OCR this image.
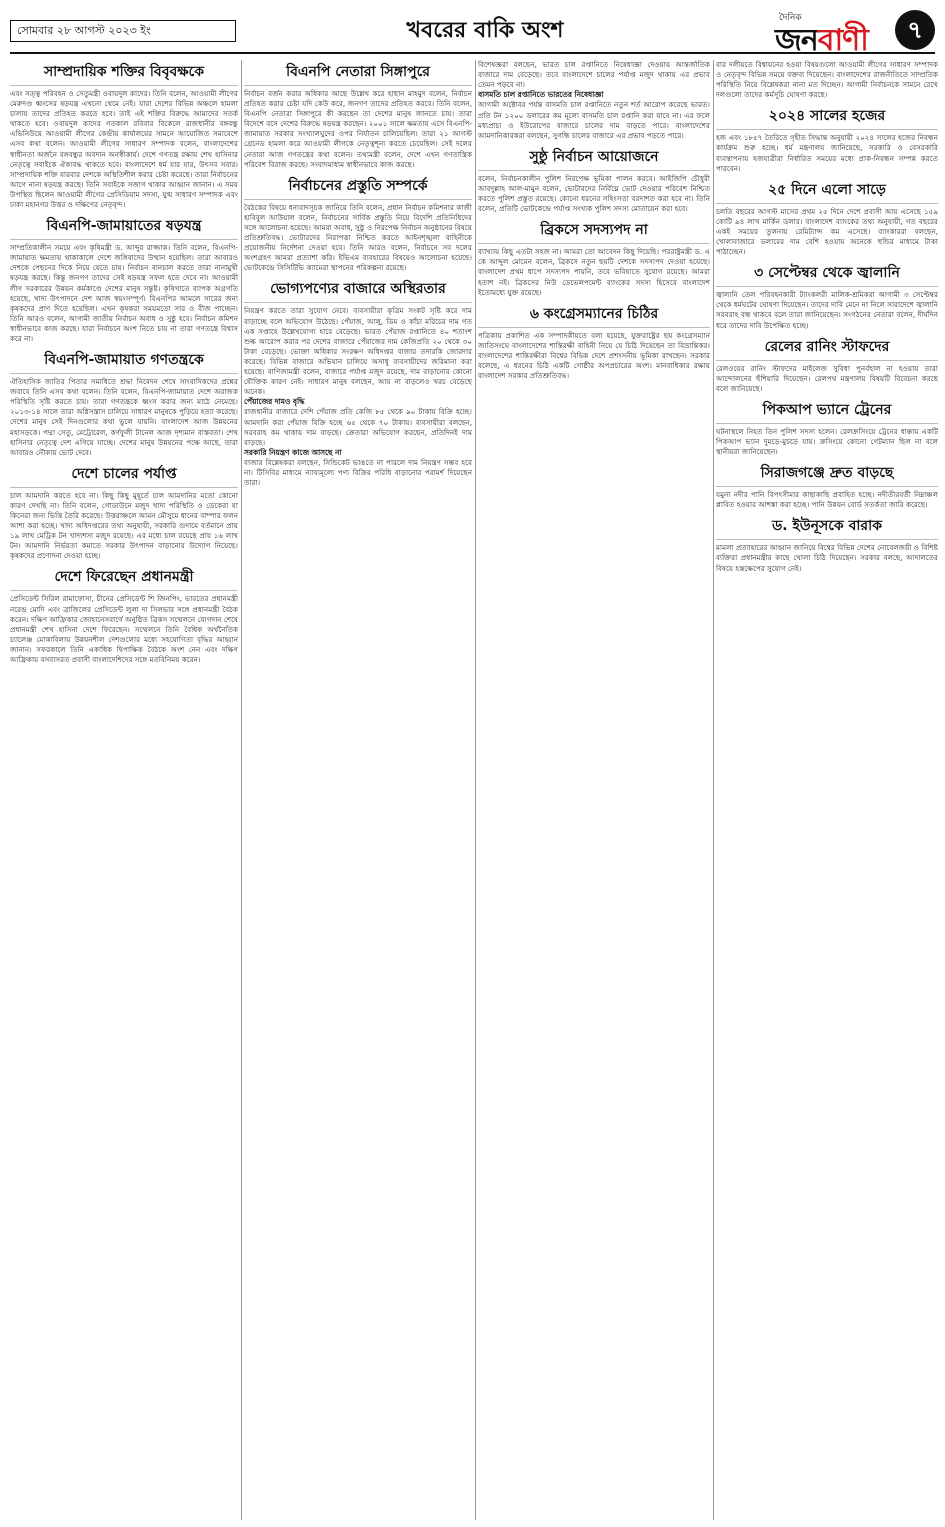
সোমবার ২৮ আগস্ট ২০২৩ ইং	খবরের বাকি অংশ	দৈনিক
জনবাণী	৭
সাম্প্রদায়িক শক্তির বিবৃবক্ষকে
এবং সত্ত্ব পরিবহন ও সেতুমন্ত্রী ওবায়দুল কাদের। তিনি বলেন, আওয়ামী লীগের মেরুদণ্ড ধ্বংসের ষড়যন্ত্র এখনো থেমে নেই। যারা দেশের বিভিন্ন অঞ্চলে হামলা চালায় তাদের প্রতিহত করতে হবে। তাই এই শক্তির বিরুদ্ধে আমাদের সতর্ক থাকতে হবে। ওবায়দুল কাদের গতকাল রবিবার বিকেলে রাজধানীর বঙ্গবন্ধু এভিনিউয়ে আওয়ামী লীগের কেন্দ্রীয় কার্যালয়ের সামনে আয়োজিত সমাবেশে এসব কথা বলেন। আওয়ামী লীগের সাধারণ সম্পাদক বলেন, বাংলাদেশের স্বাধীনতা অর্জনে বঙ্গবন্ধুর অবদান অনস্বীকার্য। দেশে গণতন্ত্র রক্ষায় শেখ হাসিনার নেতৃত্বে সবাইকে ঐক্যবদ্ধ থাকতে হবে। বাংলাদেশে ধর্ম যার যার, উৎসব সবার। সাম্প্রদায়িক শক্তি বারবার দেশকে অস্থিতিশীল করার চেষ্টা করেছে। তারা নির্বাচনের আগে নানা ষড়যন্ত্র করছে। তিনি সবাইকে সজাগ থাকার আহ্বান জানান। এ সময় উপস্থিত ছিলেন আওয়ামী লীগের প্রেসিডিয়াম সদস্য, যুগ্ম সাধারণ সম্পাদক এবং ঢাকা মহানগর উত্তর ও দক্ষিণের নেতৃবৃন্দ।
বিএনপি-জামায়াতের ষড়যন্ত্র
সাম্প্রতিকালীন সময়ে এবং কৃষিমন্ত্রী ড. আব্দুর রাজ্জাক। তিনি বলেন, বিএনপি-জামায়াত ক্ষমতায় থাকাকালে দেশে জঙ্গিবাদের উত্থান হয়েছিল। তারা আবারও দেশকে পেছনের দিকে নিয়ে যেতে চায়। নির্বাচন বানচাল করতে তারা নানামুখী ষড়যন্ত্র করছে। কিন্তু জনগণ তাদের সেই ষড়যন্ত্র সফল হতে দেবে না। আওয়ামী লীগ সরকারের উন্নয়ন কর্মকাণ্ডে দেশের মানুষ সন্তুষ্ট। কৃষিখাতে ব্যাপক অগ্রগতি হয়েছে, খাদ্য উৎপাদনে দেশ আজ স্বয়ংসম্পূর্ণ। বিএনপির আমলে সারের জন্য কৃষকদের প্রাণ দিতে হয়েছিল। এখন কৃষকরা সময়মতো সার ও বীজ পাচ্ছেন। তিনি আরও বলেন, আগামী জাতীয় নির্বাচন অবাধ ও সুষ্ঠু হবে। নির্বাচন কমিশন স্বাধীনভাবে কাজ করছে। যারা নির্বাচনে অংশ নিতে চায় না তারা গণতন্ত্রে বিশ্বাস করে না।
বিএনপি-জামায়াত গণতন্ত্রকে
ঐতিহাসিক জাতির পিতার সমাধিতে শ্রদ্ধা নিবেদন শেষে সাংবাদিকদের প্রশ্নের জবাবে তিনি এসব কথা বলেন। তিনি বলেন, বিএনপি-জামায়াত দেশে অরাজক পরিস্থিতি সৃষ্টি করতে চায়। তারা গণতন্ত্রকে ধ্বংস করার জন্য মাঠে নেমেছে। ২০১৩-১৪ সালে তারা অগ্নিসন্ত্রাস চালিয়ে সাধারণ মানুষকে পুড়িয়ে হত্যা করেছে। দেশের মানুষ সেই দিনগুলোর কথা ভুলে যায়নি। বাংলাদেশ আজ উন্নয়নের মহাসড়কে। পদ্মা সেতু, মেট্রোরেল, কর্ণফুলী টানেল আজ দৃশ্যমান বাস্তবতা। শেখ হাসিনার নেতৃত্বে দেশ এগিয়ে যাচ্ছে। দেশের মানুষ উন্নয়নের পক্ষে আছে, তারা আবারও নৌকায় ভোট দেবে।
দেশে চালের পর্যাপ্ত
চাল আমদানি করতে হবে না। কিছু কিছু মুহূর্তে চাল আমদানির মতো কোনো কারণ দেখছি না। তিনি বলেন, গোডাউনে মজুদ খাদ্য পরিস্থিতি ও ডেকেরা যা কিনেরা জন্য ভিত্তি তৈরি করেছে। উত্তরাঞ্চলে আমন মৌসুমে ধানের বাম্পার ফলন আশা করা হচ্ছে। খাদ্য অধিদপ্তরের তথ্য অনুযায়ী, সরকারি গুদামে বর্তমানে প্রায় ১৯ লাখ মেট্রিক টন খাদ্যশস্য মজুদ রয়েছে। এর মধ্যে চাল রয়েছে প্রায় ১৬ লাখ টন। আমদানি নির্ভরতা কমাতে সরকার উৎপাদন বাড়ানোর উদ্যোগ নিয়েছে। কৃষকদের প্রণোদনা দেওয়া হচ্ছে।
দেশে ফিরেছেন প্রধানমন্ত্রী
প্রেসিডেন্ট সিরিল রামাফোসা, চীনের প্রেসিডেন্ট শি জিনপিং, ভারতের প্রধানমন্ত্রী নরেন্দ্র মোদি এবং ব্রাজিলের প্রেসিডেন্ট লুলা দা সিলভার সঙ্গে প্রধানমন্ত্রী বৈঠক করেন। দক্ষিণ আফ্রিকার জোহানেসবার্গে অনুষ্ঠিত ব্রিকস সম্মেলনে যোগদান শেষে প্রধানমন্ত্রী শেখ হাসিনা দেশে ফিরেছেন। সম্মেলনে তিনি বৈশ্বিক অর্থনৈতিক চ্যালেঞ্জ মোকাবিলায় উন্নয়নশীল দেশগুলোর মধ্যে সহযোগিতা বৃদ্ধির আহ্বান জানান। সফরকালে তিনি একাধিক দ্বিপাক্ষিক বৈঠকে অংশ নেন এবং দক্ষিণ আফ্রিকায় বসবাসরত প্রবাসী বাংলাদেশিদের সঙ্গে মতবিনিময় করেন।
বিএনপি নেতারা সিঙ্গাপুরে
নির্বাচন বর্জন করার অধিকার আছে উল্লেখ করে হাছান মাহমুদ বলেন, নির্বাচন প্রতিহত করার চেষ্টা যদি কেউ করে, জনগণ তাদের প্রতিহত করবে। তিনি বলেন, বিএনপি নেতারা সিঙ্গাপুরে কী করছেন তা দেশের মানুষ জানতে চায়। তারা বিদেশে বসে দেশের বিরুদ্ধে ষড়যন্ত্র করছেন। ২০০১ সালে ক্ষমতায় এসে বিএনপি-জামায়াত সরকার সংখ্যালঘুদের ওপর নির্যাতন চালিয়েছিল। তারা ২১ আগস্ট গ্রেনেড হামলা করে আওয়ামী লীগকে নেতৃত্বশূন্য করতে চেয়েছিল। সেই দলের নেতারা আজ গণতন্ত্রের কথা বলেন। তথ্যমন্ত্রী বলেন, দেশে এখন গণতান্ত্রিক পরিবেশ বিরাজ করছে। সংবাদমাধ্যম স্বাধীনভাবে কাজ করছে।
নির্বাচনের প্রস্তুতি সম্পর্কে
বৈঠকের বিষয়ে ধন্যবাদসূচক জানিয়ে তিনি বলেন, প্রধান নির্বাচন কমিশনার কাজী হাবিবুল আউয়াল বলেন, নির্বাচনের সার্বিক প্রস্তুতি নিয়ে বিদেশি প্রতিনিধিদের সঙ্গে আলোচনা হয়েছে। আমরা অবাধ, সুষ্ঠু ও নিরপেক্ষ নির্বাচন অনুষ্ঠানের বিষয়ে প্রতিশ্রুতিবদ্ধ। ভোটারদের নিরাপত্তা নিশ্চিত করতে আইনশৃঙ্খলা বাহিনীকে প্রয়োজনীয় নির্দেশনা দেওয়া হবে। তিনি আরও বলেন, নির্বাচনে সব দলের অংশগ্রহণ আমরা প্রত্যাশা করি। ইভিএম ব্যবহারের বিষয়েও আলোচনা হয়েছে। ভোটকেন্দ্রে সিসিটিভি ক্যামেরা স্থাপনের পরিকল্পনা রয়েছে।
ভোগ্যপণ্যের বাজারে অস্থিরতার
নিয়ন্ত্রণ করতে তারা সুযোগ নেবে। ব্যবসায়ীরা কৃত্রিম সংকট সৃষ্টি করে দাম বাড়াচ্ছে বলে অভিযোগ উঠেছে। পেঁয়াজ, আলু, ডিম ও কাঁচা মরিচের দাম গত এক সপ্তাহে উল্লেখযোগ্য হারে বেড়েছে। ভারত পেঁয়াজ রপ্তানিতে ৪০ শতাংশ শুল্ক আরোপ করার পর দেশের বাজারে পেঁয়াজের দাম কেজিপ্রতি ২০ থেকে ৩০ টাকা বেড়েছে। ভোক্তা অধিকার সংরক্ষণ অধিদপ্তর বাজার তদারকি জোরদার করেছে। বিভিন্ন বাজারে অভিযান চালিয়ে অসাধু ব্যবসায়ীদের জরিমানা করা হয়েছে। বাণিজ্যমন্ত্রী বলেন, বাজারে পর্যাপ্ত মজুদ রয়েছে, দাম বাড়ানোর কোনো যৌক্তিক কারণ নেই। সাধারণ মানুষ বলছেন, আয় না বাড়লেও খরচ বেড়েছে অনেক।
পেঁয়াজের দামও বৃদ্ধি
রাজধানীর বাজারে দেশি পেঁয়াজ প্রতি কেজি ৮৫ থেকে ৯০ টাকায় বিক্রি হচ্ছে। আমদানি করা পেঁয়াজ বিক্রি হচ্ছে ৬৫ থেকে ৭০ টাকায়। ব্যবসায়ীরা বলছেন, সরবরাহ কম থাকায় দাম বাড়ছে। ক্রেতারা অভিযোগ করছেন, প্রতিদিনই দাম বাড়ছে।
সরকারি নিয়ন্ত্রণ কাজে আসছে না
বাজার বিশ্লেষকরা বলছেন, সিন্ডিকেট ভাঙতে না পারলে দাম নিয়ন্ত্রণ সম্ভব হবে না। টিসিবির মাধ্যমে ন্যায্যমূল্যে পণ্য বিক্রির পরিধি বাড়ানোর পরামর্শ দিয়েছেন তারা।
বিশেষজ্ঞরা বলছেন, ভারত চাল রপ্তানিতে নিষেধাজ্ঞা দেওয়ায় আন্তর্জাতিক বাজারে দাম বেড়েছে। তবে বাংলাদেশে চালের পর্যাপ্ত মজুদ থাকায় এর প্রভাব তেমন পড়বে না।
বাসমতি চাল রপ্তানিতে ভারতের নিষেধাজ্ঞা
আগামী অক্টোবর পর্যন্ত বাসমতি চাল রপ্তানিতে নতুন শর্ত আরোপ করেছে ভারত। প্রতি টন ১২০০ ডলারের কম মূল্যে বাসমতি চাল রপ্তানি করা যাবে না। এর ফলে মধ্যপ্রাচ্য ও ইউরোপের বাজারে চালের দাম বাড়তে পারে। বাংলাদেশের আমদানিকারকরা বলছেন, সুগন্ধি চালের বাজারে এর প্রভাব পড়তে পারে।
সুষ্ঠু নির্বাচন আয়োজনে
বলেন, নির্বাচনকালীন পুলিশ নিরপেক্ষ ভূমিকা পালন করবে। আইজিপি চৌধুরী আবদুল্লাহ আল-মামুন বলেন, ভোটারদের নির্বিঘ্নে ভোট দেওয়ার পরিবেশ নিশ্চিত করতে পুলিশ প্রস্তুত রয়েছে। কোনো ধরনের সহিংসতা বরদাশত করা হবে না। তিনি বলেন, প্রতিটি ভোটকেন্দ্রে পর্যাপ্ত সংখ্যক পুলিশ সদস্য মোতায়েন করা হবে।
ব্রিকসে সদস্যপদ না
ব্যাখ্যায় কিছু এতটা সহজ না। আমরা তো আবেদন কিছু দিয়েছি। পররাষ্ট্রমন্ত্রী ড. এ কে আব্দুল মোমেন বলেন, ব্রিকসে নতুন ছয়টি দেশকে সদস্যপদ দেওয়া হয়েছে। বাংলাদেশ প্রথম ধাপে সদস্যপদ পায়নি, তবে ভবিষ্যতে সুযোগ রয়েছে। আমরা হতাশ নই। ব্রিকসের নিউ ডেভেলপমেন্ট ব্যাংকের সদস্য হিসেবে বাংলাদেশ ইতোমধ্যে যুক্ত রয়েছে।
৬ কংগ্রেসম্যানের চিঠির
পত্রিকায় প্রকাশিত এক সম্পাদকীয়তে বলা হয়েছে, যুক্তরাষ্ট্রের ছয় কংগ্রেসম্যান জাতিসংঘে বাংলাদেশের শান্তিরক্ষী বাহিনী নিয়ে যে চিঠি দিয়েছেন তা বিভ্রান্তিকর। বাংলাদেশের শান্তিরক্ষীরা বিশ্বের বিভিন্ন দেশে প্রশংসনীয় ভূমিকা রাখছেন। সরকার বলেছে, এ ধরনের চিঠি একটি গোষ্ঠীর অপপ্রচারের অংশ। মানবাধিকার রক্ষায় বাংলাদেশ সরকার প্রতিশ্রুতিবদ্ধ।
বার দলীয়তে বিশ্বায়নের হওয়া বিষয়গুলো আওয়ামী লীগের সাধারণ সম্পাদক ও নেতৃবৃন্দ বিভিন্ন সময়ে বক্তব্য দিয়েছেন। বাংলাদেশের রাজনীতিতে সাম্প্রতিক পরিস্থিতি নিয়ে বিশ্লেষকরা নানা মত দিচ্ছেন। আগামী নির্বাচনকে সামনে রেখে দলগুলো তাদের কর্মসূচি ঘোষণা করছে।
২০২৪ সালের হজের
হজ এবং ১৮৫৭ তৈরিতে গৃহীত সিদ্ধান্ত অনুযায়ী ২০২৪ সালের হজের নিবন্ধন কার্যক্রম শুরু হচ্ছে। ধর্ম মন্ত্রণালয় জানিয়েছে, সরকারি ও বেসরকারি ব্যবস্থাপনায় হজযাত্রীরা নির্ধারিত সময়ের মধ্যে প্রাক-নিবন্ধন সম্পন্ন করতে পারবেন।
২৫ দিনে এলো সাড়ে
চলতি বছরের আগস্ট মাসের প্রথম ২৫ দিনে দেশে প্রবাসী আয় এসেছে ১৫৯ কোটি ৯৪ লাখ মার্কিন ডলার। বাংলাদেশ ব্যাংকের তথ্য অনুযায়ী, গত বছরের একই সময়ের তুলনায় রেমিট্যান্স কম এসেছে। ব্যাংকাররা বলছেন, খোলাবাজারে ডলারের দাম বেশি হওয়ায় অনেকে হুন্ডির মাধ্যমে টাকা পাঠাচ্ছেন।
৩ সেপ্টেম্বর থেকে জ্বালানি
জ্বালানি তেল পরিবহনকারী ট্যাংকলরী মালিক-শ্রমিকরা আগামী ৩ সেপ্টেম্বর থেকে ধর্মঘটের ঘোষণা দিয়েছেন। তাদের দাবি মেনে না নিলে সারাদেশে জ্বালানি সরবরাহ বন্ধ থাকবে বলে তারা জানিয়েছেন। সংগঠনের নেতারা বলেন, দীর্ঘদিন ধরে তাদের দাবি উপেক্ষিত হচ্ছে।
রেলের রানিং স্টাফদের
রেলওয়ের রানিং স্টাফদের মাইলেজ সুবিধা পুনর্বহাল না হওয়ায় তারা আন্দোলনের হুঁশিয়ারি দিয়েছেন। রেলপথ মন্ত্রণালয় বিষয়টি বিবেচনা করছে বলে জানিয়েছে।
পিকআপ ভ্যানে ট্রেনের
ঘটনাস্থলে নিহত তিন পুলিশ সদস্য হলেন। রেলক্রসিংয়ে ট্রেনের ধাক্কায় একটি পিকআপ ভ্যান দুমড়ে-মুচড়ে যায়। ক্রসিংয়ে কোনো গেটম্যান ছিল না বলে স্থানীয়রা জানিয়েছেন।
সিরাজগঞ্জে দ্রুত বাড়ছে
যমুনা নদীর পানি বিপৎসীমার কাছাকাছি প্রবাহিত হচ্ছে। নদীতীরবর্তী নিম্নাঞ্চল প্লাবিত হওয়ার আশঙ্কা করা হচ্ছে। পানি উন্নয়ন বোর্ড সতর্কতা জারি করেছে।
ড. ইউনূসকে বারাক
মামলা প্রত্যাহারের আহ্বান জানিয়ে বিশ্বের বিভিন্ন দেশের নোবেলজয়ী ও বিশিষ্ট ব্যক্তিরা প্রধানমন্ত্রীর কাছে খোলা চিঠি দিয়েছেন। সরকার বলছে, আদালতের বিষয়ে হস্তক্ষেপের সুযোগ নেই।
